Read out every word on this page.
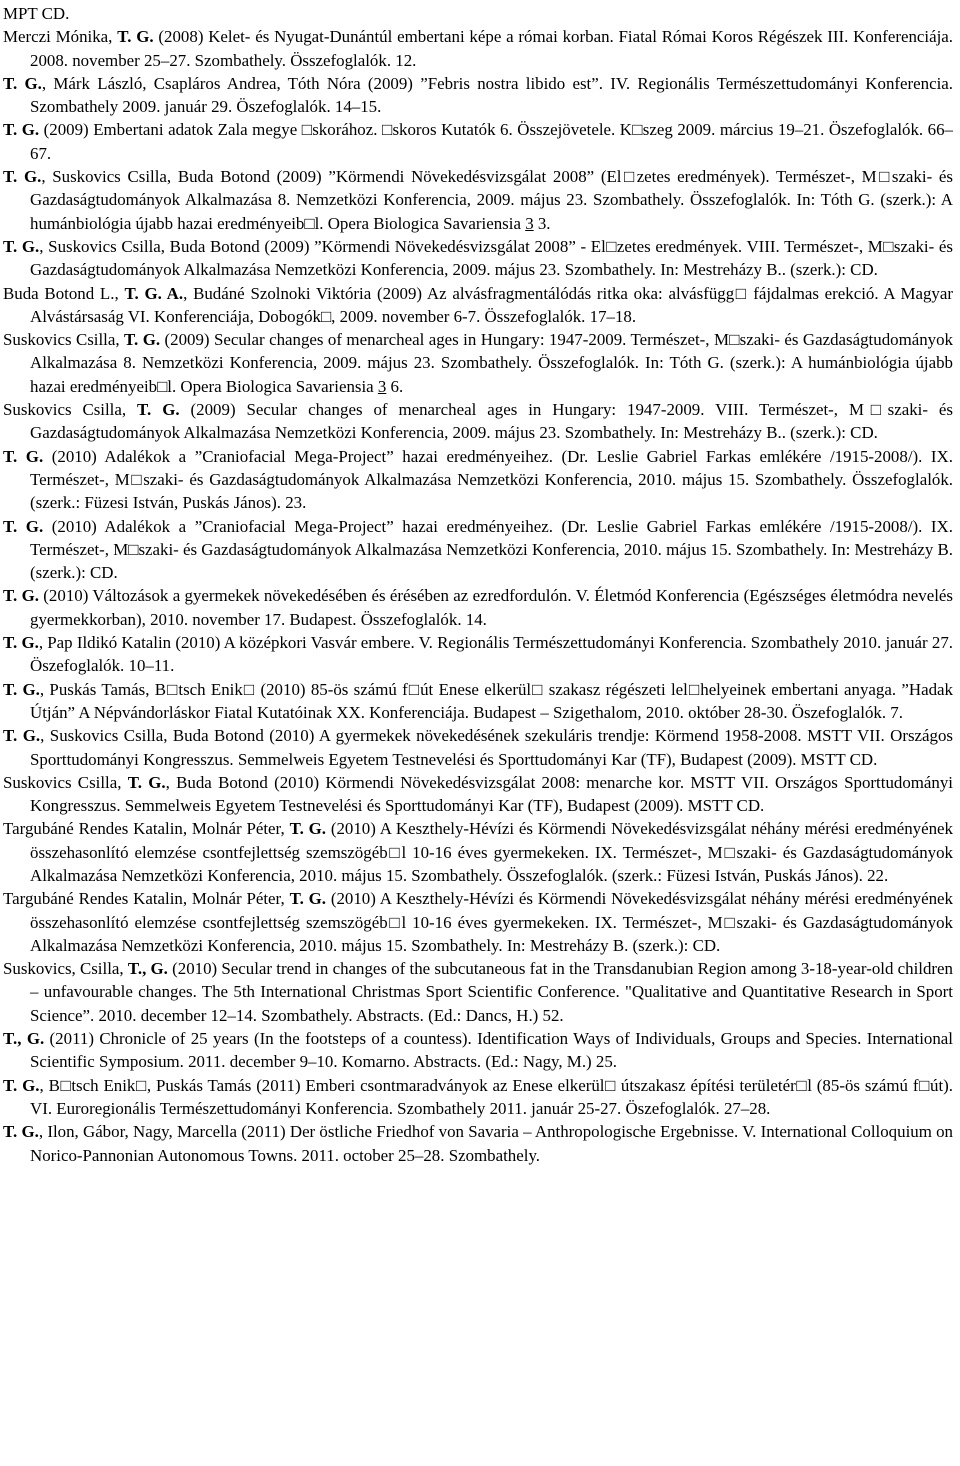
MPT CD.

Merczi Mónika, T. G. (2008) Kelet- és Nyugat-Dunántúl embertani képe a római korban. Fiatal Római Koros Régészek III. Konferenciája. 2008. november 25–27. Szombathely. Összefoglalók. 12.

T. G., Márk László, Csapláros Andrea, Tóth Nóra (2009) ”Febris nostra libido est”. IV. Regionális Természettudományi Konferencia. Szombathely 2009. január 29. Öszefoglalók. 14–15.

T. G. (2009) Embertani adatok Zala megye □skorához. □skoros Kutatók 6. Összejövetele. K□szeg 2009. március 19–21. Öszefoglalók. 66–67.

T. G., Suskovics Csilla, Buda Botond (2009) ”Körmendi Növekedésvizsgálat 2008” (El□zetes eredmények). Természet-, M□szaki- és Gazdaságtudományok Alkalmazása 8. Nemzetközi Konferencia, 2009. május 23. Szombathely. Összefoglalók. In: Tóth G. (szerk.): A humánbiológia újabb hazai eredményeib□l. Opera Biologica Savariensia 3 3.

T. G., Suskovics Csilla, Buda Botond (2009) ”Körmendi Növekedésvizsgálat 2008” - El□zetes eredmények. VIII. Természet-, M□szaki- és Gazdaságtudományok Alkalmazása Nemzetközi Konferencia, 2009. május 23. Szombathely. In: Mestreházy B.. (szerk.): CD.

Buda Botond L., T. G. A., Budáné Szolnoki Viktória (2009) Az alvásfragmentálódás ritka oka: alvásfügg□ fájdalmas erekció. A Magyar Alvástársaság VI. Konferenciája, Dobogók□, 2009. november 6-7. Összefoglalók. 17–18.

Suskovics Csilla, T. G. (2009) Secular changes of menarcheal ages in Hungary: 1947-2009. Természet-, M□szaki- és Gazdaságtudományok Alkalmazása 8. Nemzetközi Konferencia, 2009. május 23. Szombathely. Összefoglalók. In: Tóth G. (szerk.): A humánbiológia újabb hazai eredményeib□l. Opera Biologica Savariensia 3 6.

Suskovics Csilla, T. G. (2009) Secular changes of menarcheal ages in Hungary: 1947-2009. VIII. Természet-, M□szaki- és Gazdaságtudományok Alkalmazása Nemzetközi Konferencia, 2009. május 23. Szombathely. In: Mestreházy B.. (szerk.): CD.

T. G. (2010) Adalékok a ”Craniofacial Mega-Project” hazai eredményeihez. (Dr. Leslie Gabriel Farkas emlékére /1915-2008/). IX. Természet-, M□szaki- és Gazdaságtudományok Alkalmazása Nemzetközi Konferencia, 2010. május 15. Szombathely. Összefoglalók. (szerk.: Füzesi István, Puskás János). 23.

T. G. (2010) Adalékok a ”Craniofacial Mega-Project” hazai eredményeihez. (Dr. Leslie Gabriel Farkas emlékére /1915-2008/). IX. Természet-, M□szaki- és Gazdaságtudományok Alkalmazása Nemzetközi Konferencia, 2010. május 15. Szombathely. In: Mestreházy B. (szerk.): CD.

T. G. (2010) Változások a gyermekek növekedésében és érésében az ezredfordulón. V. Életmód Konferencia (Egészséges életmódra nevelés gyermekkorban), 2010. november 17. Budapest. Összefoglalók. 14.

T. G., Pap Ildikó Katalin (2010) A középkori Vasvár embere. V. Regionális Természettudományi Konferencia. Szombathely 2010. január 27. Öszefoglalók. 10–11.

T. G., Puskás Tamás, B□tsch Enik□ (2010) 85-ös számú f□út Enese elkerül□ szakasz régészeti lel□helyeinek embertani anyaga. ”Hadak Útján” A Népvándorláskor Fiatal Kutatóinak XX. Konferenciája. Budapest – Szigethalom, 2010. október 28-30. Öszefoglalók. 7.

T. G., Suskovics Csilla, Buda Botond (2010) A gyermekek növekedésének szekuláris trendje: Körmend 1958-2008. MSTT VII. Országos Sporttudományi Kongresszus. Semmelweis Egyetem Testnevelési és Sporttudományi Kar (TF), Budapest (2009). MSTT CD.

Suskovics Csilla, T. G., Buda Botond (2010) Körmendi Növekedésvizsgálat 2008: menarche kor. MSTT VII. Országos Sporttudományi Kongresszus. Semmelweis Egyetem Testnevelési és Sporttudományi Kar (TF), Budapest (2009). MSTT CD.

Targubáné Rendes Katalin, Molnár Péter, T. G. (2010) A Keszthely-Hévízi és Körmendi Növekedésvizsgálat néhány mérési eredményének összehasonlító elemzése csontfejlettség szemszögéb□l 10-16 éves gyermekeken. IX. Természet-, M□szaki- és Gazdaságtudományok Alkalmazása Nemzetközi Konferencia, 2010. május 15. Szombathely. Összefoglalók. (szerk.: Füzesi István, Puskás János). 22.

Targubáné Rendes Katalin, Molnár Péter, T. G. (2010) A Keszthely-Hévízi és Körmendi Növekedésvizsgálat néhány mérési eredményének összehasonlító elemzése csontfejlettség szemszögéb□l 10-16 éves gyermekeken. IX. Természet-, M□szaki- és Gazdaságtudományok Alkalmazása Nemzetközi Konferencia, 2010. május 15. Szombathely. In: Mestreházy B. (szerk.): CD.

Suskovics, Csilla, T., G. (2010) Secular trend in changes of the subcutaneous fat in the Transdanubian Region among 3-18-year-old children – unfavourable changes. The 5th International Christmas Sport Scientific Conference. "Qualitative and Quantitative Research in Sport Science”. 2010. december 12–14. Szombathely. Abstracts. (Ed.: Dancs, H.) 52.

T., G. (2011) Chronicle of 25 years (In the footsteps of a countess). Identification Ways of Individuals, Groups and Species. International Scientific Symposium. 2011. december 9–10. Komarno. Abstracts. (Ed.: Nagy, M.) 25.

T. G., B□tsch Enik□, Puskás Tamás (2011) Emberi csontmaradványok az Enese elkerül□ útszakasz építési területér□l (85-ös számú f□út). VI. Euroregionális Természettudományi Konferencia. Szombathely 2011. január 25-27. Öszefoglalók. 27–28.

T. G., Ilon, Gábor, Nagy, Marcella (2011) Der östliche Friedhof von Savaria – Anthropologische Ergebnisse. V. International Colloquium on Norico-Pannonian Autonomous Towns. 2011. october 25–28. Szombathely.
